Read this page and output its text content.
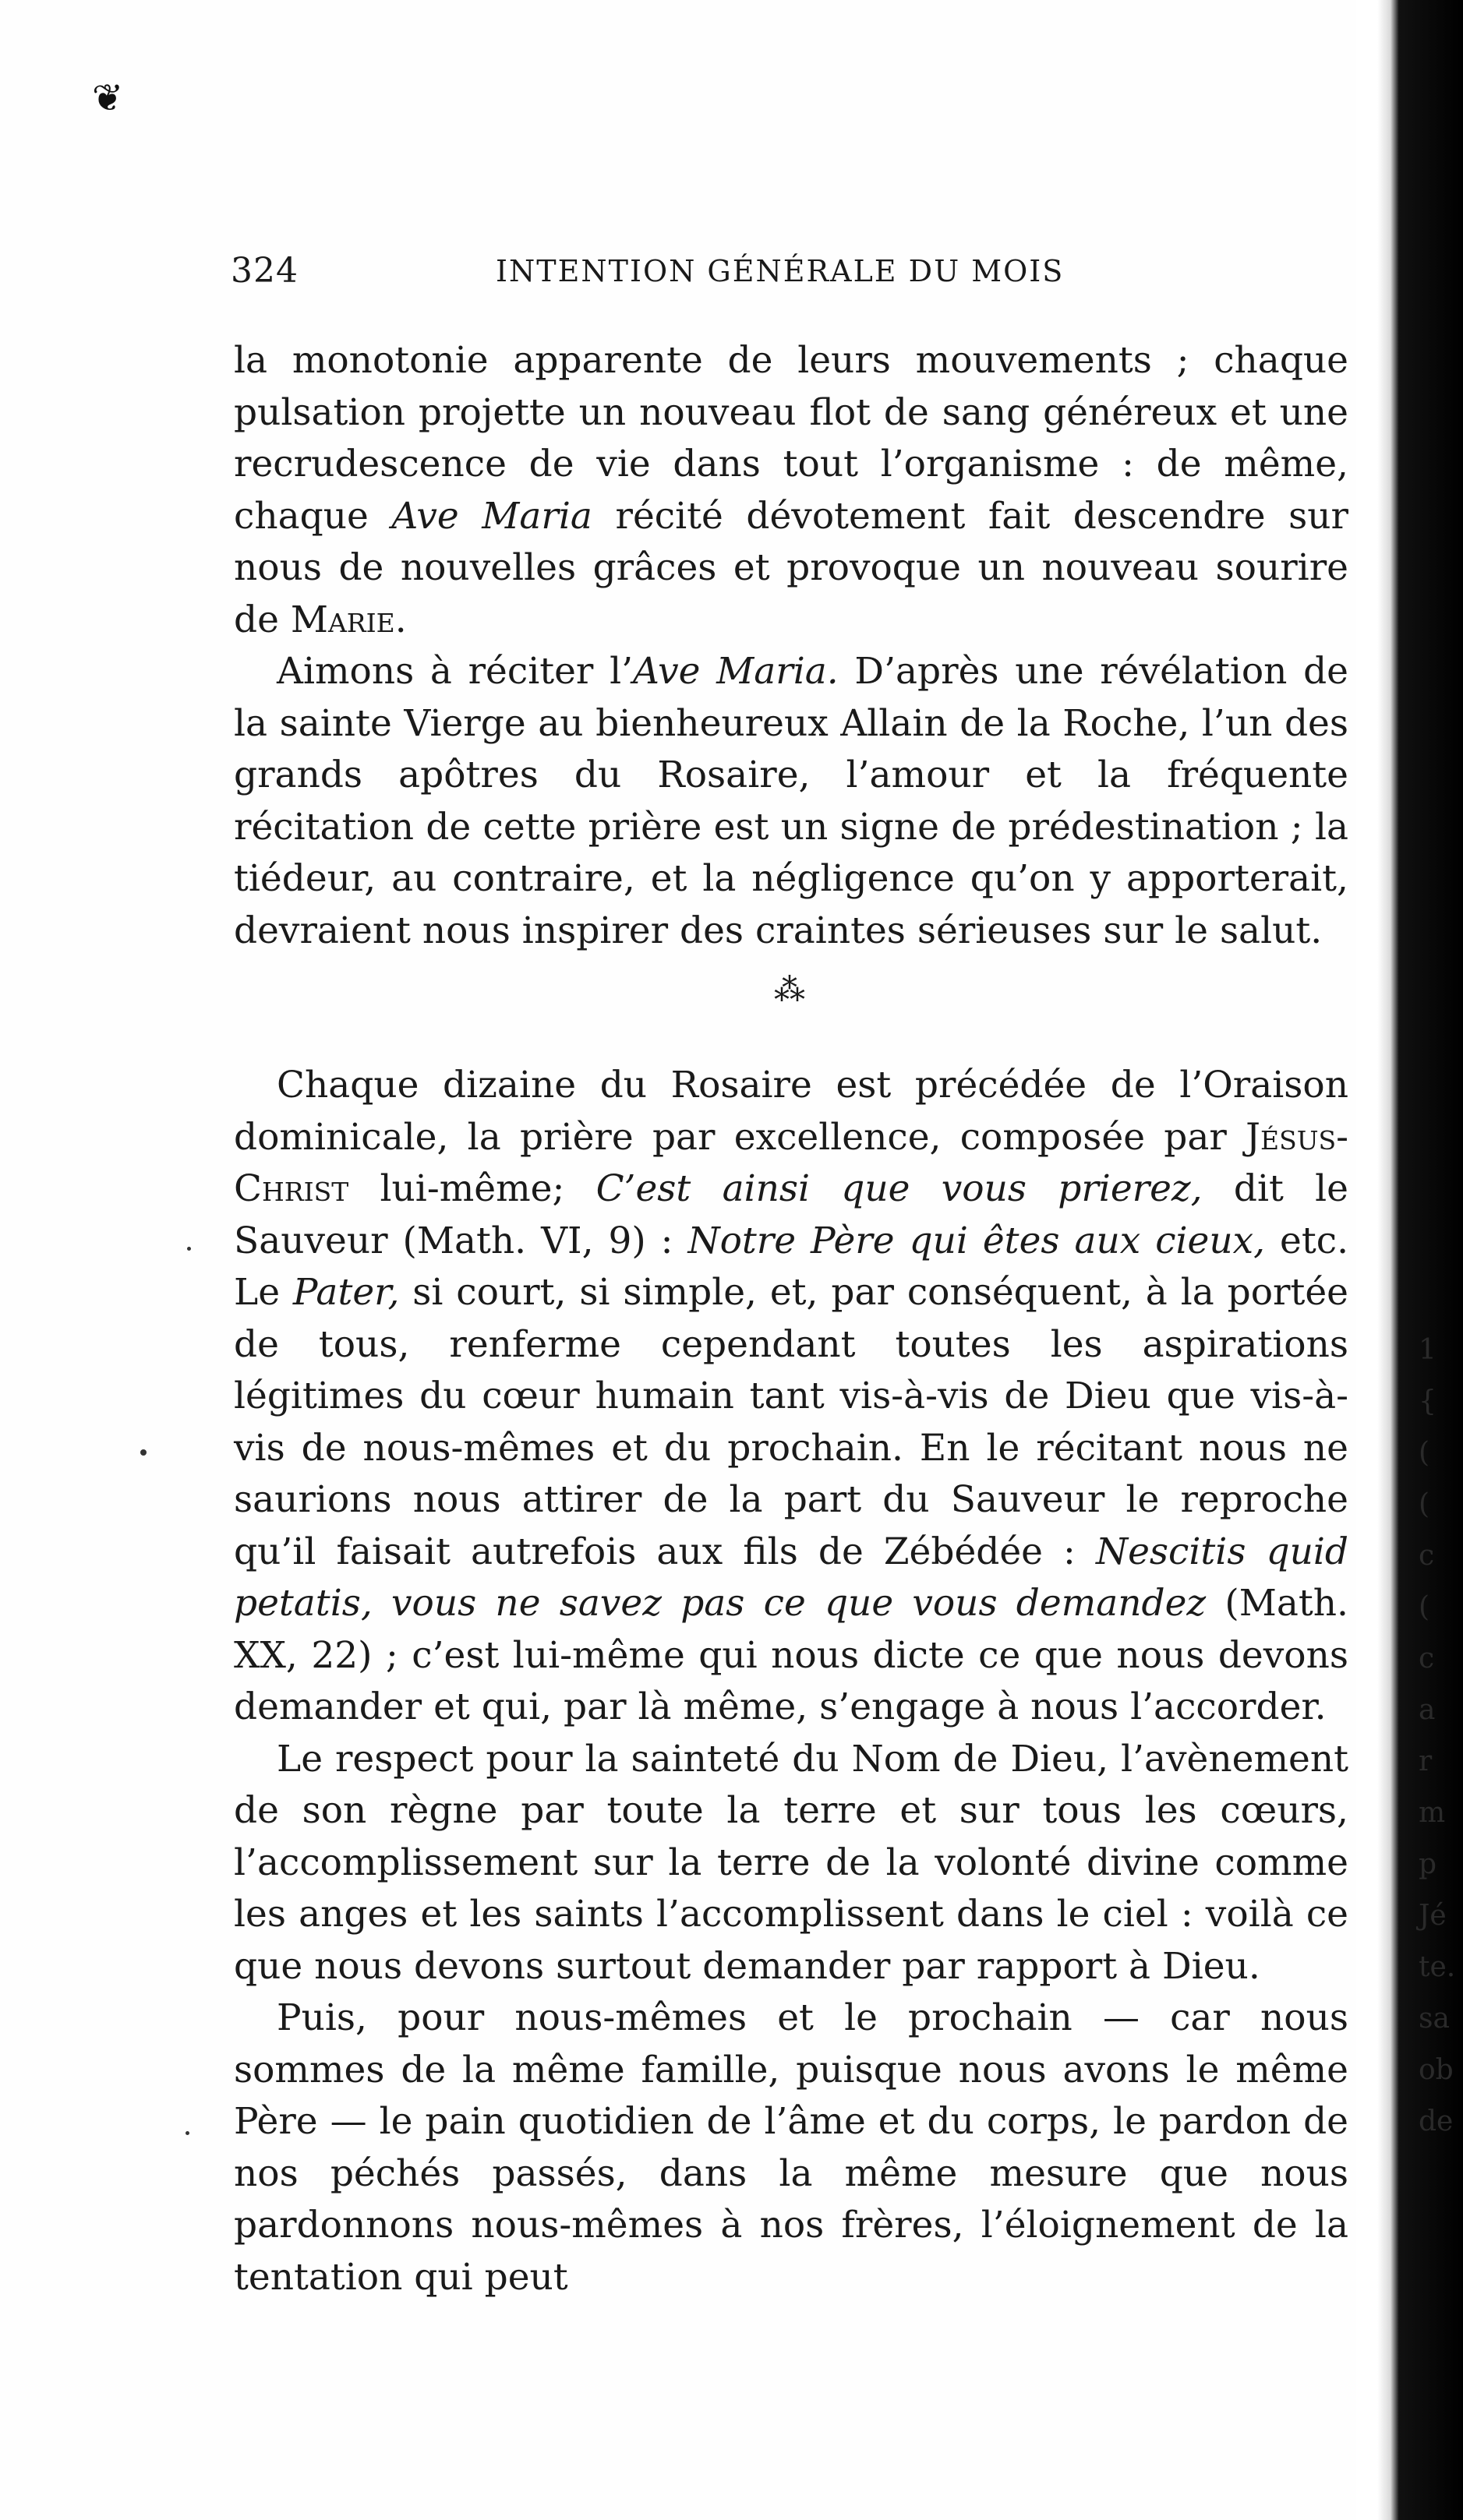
❦
324	INTENTION GÉNÉRALE DU MOIS

la monotonie apparente de leurs mouvements ; chaque pulsation projette un nouveau flot de sang généreux et une recrudescence de vie dans tout l’organisme : de même, chaque Ave Maria récité dévotement fait descendre sur nous de nouvelles grâces et provoque un nouveau sourire de Marie.

Aimons à réciter l’Ave Maria. D’après une révélation de la sainte Vierge au bienheureux Allain de la Roche, l’un des grands apôtres du Rosaire, l’amour et la fréquente récitation de cette prière est un signe de prédestination ; la tiédeur, au contraire, et la négligence qu’on y apporterait, devraient nous inspirer des craintes sérieuses sur le salut.

⁂

Chaque dizaine du Rosaire est précédée de l’Oraison dominicale, la prière par excellence, composée par Jésus-Christ lui-même; C’est ainsi que vous prierez, dit le Sauveur (Math. VI, 9) : Notre Père qui êtes aux cieux, etc. Le Pater, si court, si simple, et, par conséquent, à la portée de tous, renferme cependant toutes les aspirations légitimes du cœur humain tant vis-à-vis de Dieu que vis-à-vis de nous-mêmes et du prochain. En le récitant nous ne saurions nous attirer de la part du Sauveur le reproche qu’il faisait autrefois aux fils de Zébédée : Nescitis quid petatis, vous ne savez pas ce que vous demandez (Math. XX, 22) ; c’est lui-même qui nous dicte ce que nous devons demander et qui, par là même, s’engage à nous l’accorder.

Le respect pour la sainteté du Nom de Dieu, l’avènement de son règne par toute la terre et sur tous les cœurs, l’accomplissement sur la terre de la volonté divine comme les anges et les saints l’accomplissent dans le ciel : voilà ce que nous devons surtout demander par rapport à Dieu.

Puis, pour nous-mêmes et le prochain — car nous sommes de la même famille, puisque nous avons le même Père — le pain quotidien de l’âme et du corps, le pardon de nos péchés passés, dans la même mesure que nous pardonnons nous-mêmes à nos frères, l’éloignement de la tentation qui peut

1
{
(
(
c
(
c
a
r
m
p
Jé
te.
sa
ob
de
